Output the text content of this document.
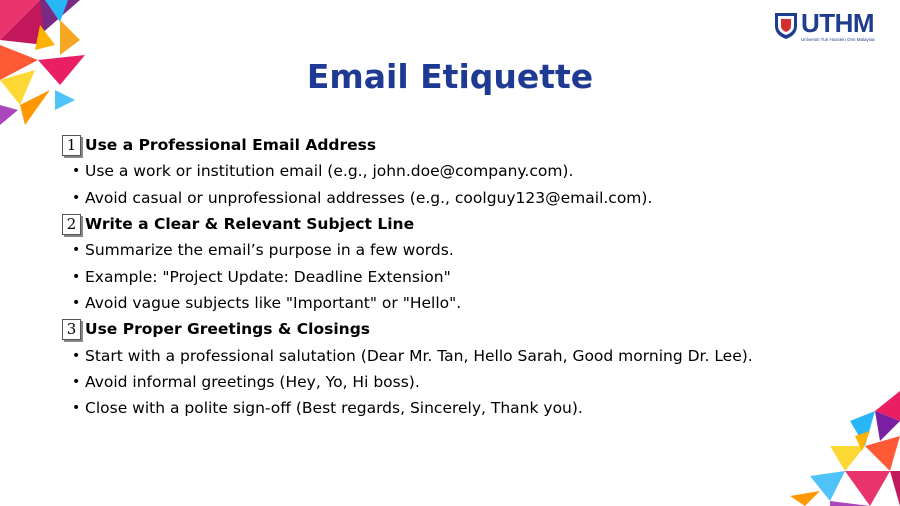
UTHM
Universiti Tun Hussein Onn Malaysia
Email Etiquette
1 Use a Professional Email Address
• Use a work or institution email (e.g., john.doe@company.com).
• Avoid casual or unprofessional addresses (e.g., coolguy123@email.com).
2 Write a Clear & Relevant Subject Line
• Summarize the email’s purpose in a few words.
• Example: "Project Update: Deadline Extension"
• Avoid vague subjects like "Important" or "Hello".
3 Use Proper Greetings & Closings
• Start with a professional salutation (Dear Mr. Tan, Hello Sarah, Good morning Dr. Lee).
• Avoid informal greetings (Hey, Yo, Hi boss).
• Close with a polite sign-off (Best regards, Sincerely, Thank you).
